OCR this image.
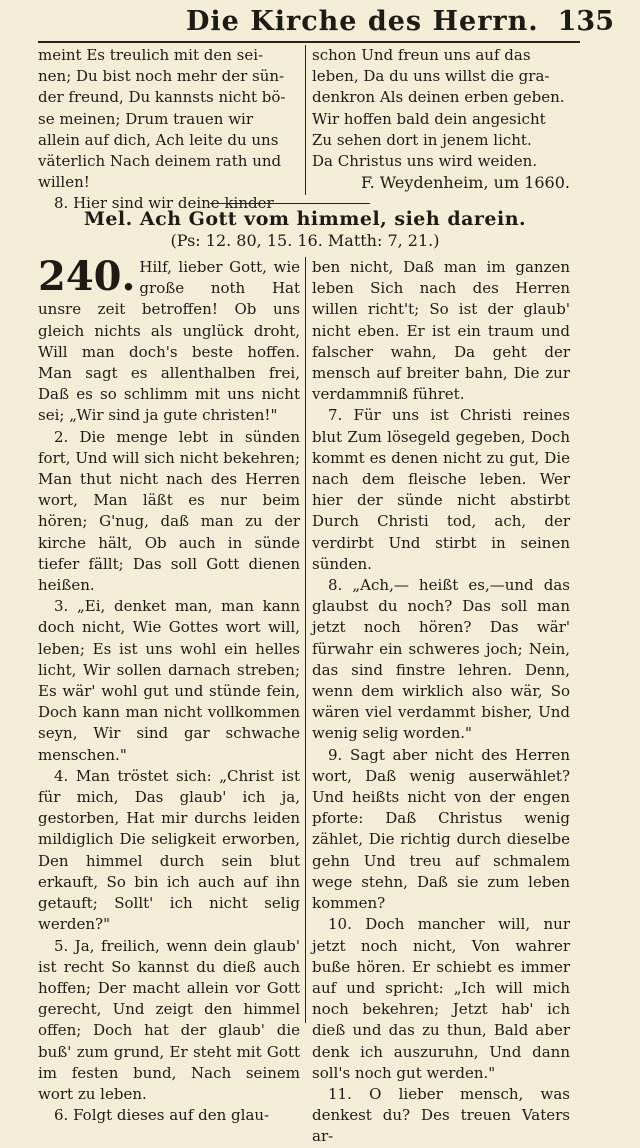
Die Kirche des Herrn. 135

meint Es treulich mit den sei-

nen; Du bist noch mehr der sün-

der freund, Du kannsts nicht bö-

se meinen; Drum trauen wir

allein auf dich, Ach leite du uns

väterlich Nach deinem rath und

willen!

8. Hier sind wir deine kinder

schon Und freun uns auf das

leben, Da du uns willst die gra-

denkron Als deinen erben geben.

Wir hoffen bald dein angesicht

Zu sehen dort in jenem licht.

Da Christus uns wird weiden.

F. Weydenheim, um 1660.
Mel. Ach Gott vom himmel, sieh darein.
(Ps: 12. 80, 15. 16. Matth: 7, 21.)

240. Hilf, lieber Gott, wie große noth Hat unsre zeit betroffen! Ob uns gleich nichts als unglück droht, Will man doch's beste hoffen. Man sagt es allenthalben frei, Daß es so schlimm mit uns nicht sei; „Wir sind ja gute christen!"

2. Die menge lebt in sünden fort, Und will sich nicht bekehren; Man thut nicht nach des Herren wort, Man läßt es nur beim hören; G'nug, daß man zu der kirche hält, Ob auch in sünde tiefer fällt; Das soll Gott dienen heißen.

3. „Ei, denket man, man kann doch nicht, Wie Gottes wort will, leben; Es ist uns wohl ein helles licht, Wir sollen darnach streben; Es wär' wohl gut und stünde fein, Doch kann man nicht vollkommen seyn, Wir sind gar schwache menschen."

4. Man tröstet sich: „Christ ist für mich, Das glaub' ich ja, gestorben, Hat mir durchs leiden mildiglich Die seligkeit erworben, Den himmel durch sein blut erkauft, So bin ich auch auf ihn getauft; Sollt' ich nicht selig werden?"

5. Ja, freilich, wenn dein glaub' ist recht So kannst du dieß auch hoffen; Der macht allein vor Gott gerecht, Und zeigt den himmel offen; Doch hat der glaub' die buß' zum grund, Er steht mit Gott im festen bund, Nach seinem wort zu leben.

6. Folgt dieses auf den glau-

ben nicht, Daß man im ganzen leben Sich nach des Herren willen richt't; So ist der glaub' nicht eben. Er ist ein traum und falscher wahn, Da geht der mensch auf breiter bahn, Die zur verdammniß führet.

7. Für uns ist Christi reines blut Zum lösegeld gegeben, Doch kommt es denen nicht zu gut, Die nach dem fleische leben. Wer hier der sünde nicht abstirbt Durch Christi tod, ach, der verdirbt Und stirbt in seinen sünden.

8. „Ach,— heißt es,—und das glaubst du noch? Das soll man jetzt noch hören? Das wär' fürwahr ein schweres joch; Nein, das sind finstre lehren. Denn, wenn dem wirklich also wär, So wären viel verdammt bisher, Und wenig selig worden."

9. Sagt aber nicht des Herren wort, Daß wenig auserwählet? Und heißts nicht von der engen pforte: Daß Christus wenig zählet, Die richtig durch dieselbe gehn Und treu auf schmalem wege stehn, Daß sie zum leben kommen?

10. Doch mancher will, nur jetzt noch nicht, Von wahrer buße hören. Er schiebt es immer auf und spricht: „Ich will mich noch bekehren; Jetzt hab' ich dieß und das zu thun, Bald aber denk ich auszuruhn, Und dann soll's noch gut werden."

11. O lieber mensch, was denkest du? Des treuen Vaters ar-
